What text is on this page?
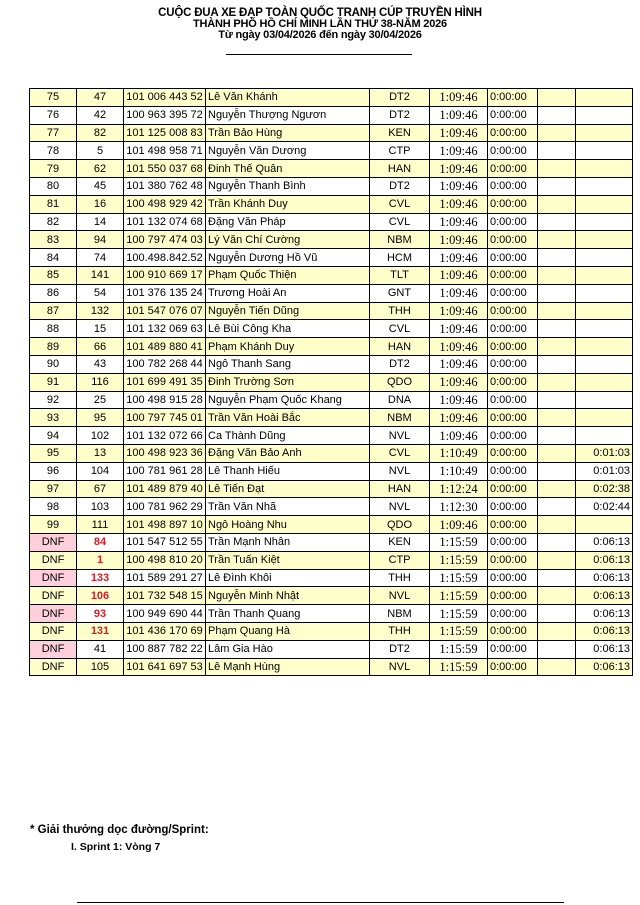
CUỘC ĐUA XE ĐẠP TOÀN QUỐC TRANH CÚP TRUYỀN HÌNH
THÀNH PHỐ HỒ CHÍ MINH LẦN THỨ 38-NĂM 2026
Từ ngày 03/04/2026 đến ngày 30/04/2026
75	47	101 006 443 52	Lê Văn Khánh	DT2	1:09:46	0:00:00		
76	42	100 963 395 72	Nguyễn Thượng Ngươn	DT2	1:09:46	0:00:00		
77	82	101 125 008 83	Trần Bảo Hùng	KEN	1:09:46	0:00:00		
78	5	101 498 958 71	Nguyễn Văn Dương	CTP	1:09:46	0:00:00		
79	62	101 550 037 68	Đinh Thế Quân	HAN	1:09:46	0:00:00		
80	45	101 380 762 48	Nguyễn Thanh Bình	DT2	1:09:46	0:00:00		
81	16	100 498 929 42	Trần Khánh Duy	CVL	1:09:46	0:00:00		
82	14	101 132 074 68	Đặng Văn Pháp	CVL	1:09:46	0:00:00		
83	94	100 797 474 03	Lý Văn Chí Cường	NBM	1:09:46	0:00:00		
84	74	100.498.842.52	Nguyễn Dương Hồ Vũ	HCM	1:09:46	0:00:00		
85	141	100 910 669 17	Phạm Quốc Thiện	TLT	1:09:46	0:00:00		
86	54	101 376 135 24	Trương Hoài An	GNT	1:09:46	0:00:00		
87	132	101 547 076 07	Nguyễn Tiến Dũng	THH	1:09:46	0:00:00		
88	15	101 132 069 63	Lê Bùi Công Kha	CVL	1:09:46	0:00:00		
89	66	101 489 880 41	Phạm Khánh Duy	HAN	1:09:46	0:00:00		
90	43	100 782 268 44	Ngô Thanh Sang	DT2	1:09:46	0:00:00		
91	116	101 699 491 35	Đinh Trường Sơn	QDO	1:09:46	0:00:00		
92	25	100 498 915 28	Nguyễn Phạm Quốc Khang	DNA	1:09:46	0:00:00		
93	95	100 797 745 01	Trần Văn Hoài Bắc	NBM	1:09:46	0:00:00		
94	102	101 132 072 66	Ca Thành Dũng	NVL	1:09:46	0:00:00		
95	13	100 498 923 36	Đặng Văn Bảo Anh	CVL	1:10:49	0:00:00		0:01:03
96	104	100 781 961 28	Lê Thanh Hiếu	NVL	1:10:49	0:00:00		0:01:03
97	67	101 489 879 40	Lê Tiến Đạt	HAN	1:12:24	0:00:00		0:02:38
98	103	100 781 962 29	Trần Văn Nhã	NVL	1:12:30	0:00:00		0:02:44
99	111	101 498 897 10	Ngô Hoàng Nhu	QDO	1:09:46	0:00:00		
DNF	84	101 547 512 55	Trần Mạnh Nhân	KEN	1:15:59	0:00:00		0:06:13
DNF	1	100 498 810 20	Trần Tuấn Kiệt	CTP	1:15:59	0:00:00		0:06:13
DNF	133	101 589 291 27	Lê Đình Khôi	THH	1:15:59	0:00:00		0:06:13
DNF	106	101 732 548 15	Nguyễn Minh Nhật	NVL	1:15:59	0:00:00		0:06:13
DNF	93	100 949 690 44	Trần Thanh Quang	NBM	1:15:59	0:00:00		0:06:13
DNF	131	101 436 170 69	Phạm Quang Hà	THH	1:15:59	0:00:00		0:06:13
DNF	41	100 887 782 22	Lâm Gia Hào	DT2	1:15:59	0:00:00		0:06:13
DNF	105	101 641 697 53	Lê Mạnh Hùng	NVL	1:15:59	0:00:00		0:06:13
* Giải thưởng dọc đường/Sprint:
I. Sprint 1: Vòng 7
